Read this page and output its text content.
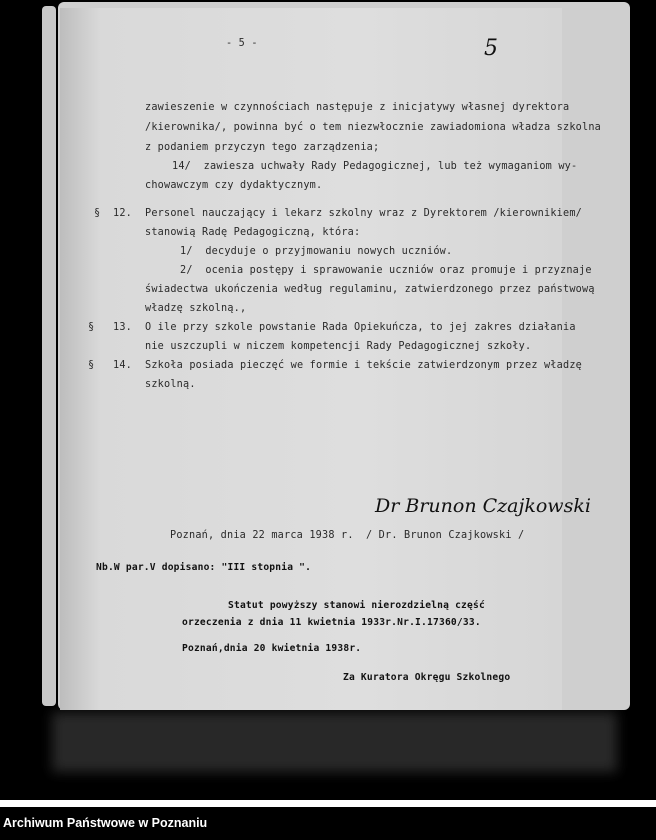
- 5 -	5
zawieszenie w czynnościach następuje z inicjatywy własnej dyrektora
/kierownika/, powinna być o tem niezwłocznie zawiadomiona władza szkolna
z podaniem przyczyn tego zarządzenia;
14/  zawiesza uchwały Rady Pedagogicznej, lub też wymaganiom wy-
chowawczym czy dydaktycznym.
§ 12. Personel nauczający i lekarz szkolny wraz z Dyrektorem /kierownikiem/
stanowią Radę Pedagogiczną, która:
1/  decyduje o przyjmowaniu nowych uczniów.
2/  ocenia postępy i sprawowanie uczniów oraz promuje i przyznaje
świadectwa ukończenia według regulaminu, zatwierdzonego przez państwową
władzę szkolną.,
§ 13. O ile przy szkole powstanie Rada Opiekuńcza, to jej zakres działania
nie uszczupli w niczem kompetencji Rady Pedagogicznej szkoły.
§ 14. Szkoła posiada pieczęć we formie i tekście zatwierdzonym przez władzę
szkolną.
Dr Brunon Czajkowski
Poznań, dnia 22 marca 1938 r. / Dr. Brunon Czajkowski /
Nb.W par.V dopisano: "III stopnia ".
Statut powyższy stanowi nierozdzielną część
orzeczenia z dnia 11 kwietnia 1933r.Nr.I.17360/33.
Poznań,dnia 20 kwietnia 1938r.
Za Kuratora Okręgu Szkolnego
Archiwum Państwowe w Poznaniu
